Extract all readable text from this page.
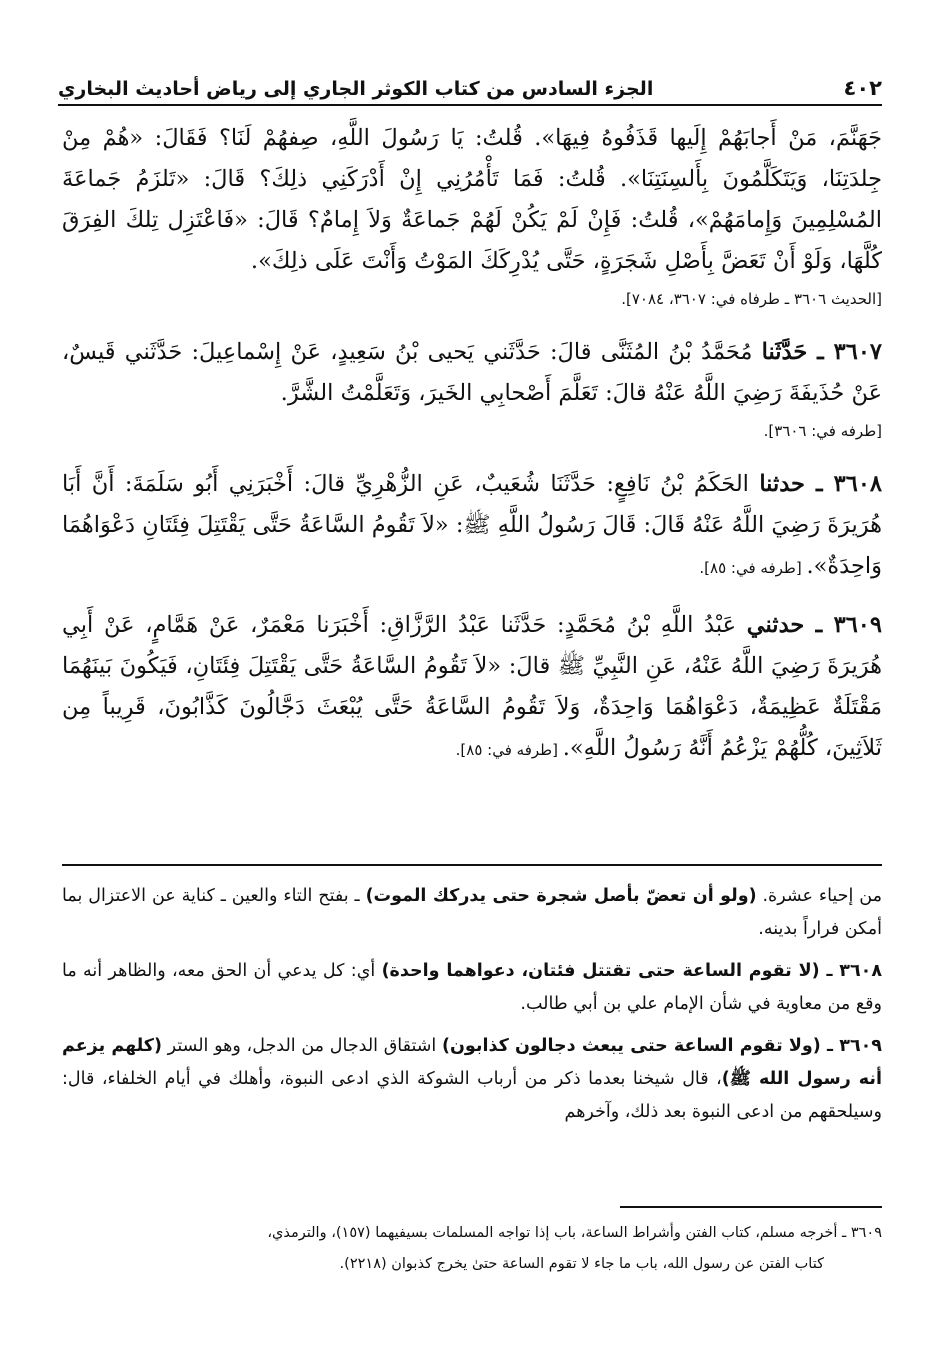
٤٠٢
الجزء السادس من كتاب الكوثر الجاري إلى رياض أحاديث البخاري

جَهَنَّمَ، مَنْ أَجابَهُمْ إِلَيها قَذَفُوهُ فِيهَا». قُلتُ: يَا رَسُولَ اللَّهِ، صِفهُمْ لَنَا؟ فَقَالَ: «هُمْ مِنْ جِلدَتِنَا، وَيَتَكَلَّمُونَ بِأَلسِنَتِنَا». قُلتُ: فَمَا تَأْمُرُنِي إِنْ أَدْرَكَنِي ذلِكَ؟ قَالَ: «تَلزَمُ جَماعَةَ المُسْلِمِينَ وَإِمامَهُمْ»، قُلتُ: فَإِنْ لَمْ يَكُنْ لَهُمْ جَماعَةٌ وَلاَ إِمامٌ؟ قَالَ: «فَاعْتَزِل تِلكَ الفِرَقَ كُلَّهَا، وَلَوْ أَنْ تَعَضَّ بِأَصْلِ شَجَرَةٍ، حَتَّى يُدْرِكَكَ المَوْتُ وَأَنْتَ عَلَى ذلِكَ».

[الحديث ٣٦٠٦ ـ طرفاه في: ٣٦٠٧، ٧٠٨٤].

٣٦٠٧ ـ حَدَّثَنا مُحَمَّدُ بْنُ المُثَنَّى قالَ: حَدَّثَني يَحيى بْنُ سَعِيدٍ، عَنْ إِسْماعِيلَ: حَدَّثَني قَيسٌ، عَنْ حُذَيفَةَ رَضِيَ اللَّهُ عَنْهُ قالَ: تَعَلَّمَ أَصْحابِي الخَيرَ، وَتَعَلَّمْتُ الشَّرَّ.

[طرفه في: ٣٦٠٦].

٣٦٠٨ ـ حدثنا الحَكَمُ بْنُ نَافِعٍ: حَدَّثَنَا شُعَيبٌ، عَنِ الزُّهْرِيِّ قالَ: أَخْبَرَنِي أَبُو سَلَمَةَ: أَنَّ أَبَا هُرَيرَةَ رَضِيَ اللَّهُ عَنْهُ قَالَ: قَالَ رَسُولُ اللَّهِ ﷺ: «لاَ تَقُومُ السَّاعَةُ حَتَّى يَقْتَتِلَ فِئَتَانِ دَعْوَاهُمَا وَاحِدَةٌ». [طرفه في: ٨٥].

٣٦٠٩ ـ حدثني عَبْدُ اللَّهِ بْنُ مُحَمَّدٍ: حَدَّثَنا عَبْدُ الرَّزَّاقِ: أَخْبَرَنا مَعْمَرٌ، عَنْ هَمَّامٍ، عَنْ أَبِي هُرَيرَةَ رَضِيَ اللَّهُ عَنْهُ، عَنِ النَّبِيِّ ﷺ قالَ: «لاَ تَقُومُ السَّاعَةُ حَتَّى يَقْتَتِلَ فِئَتَانِ، فَيَكُونَ بَينَهُمَا مَقْتَلَةٌ عَظِيمَةٌ، دَعْوَاهُمَا وَاحِدَةٌ، وَلاَ تَقُومُ السَّاعَةُ حَتَّى يُبْعَثَ دَجَّالُونَ كَذَّابُونَ، قَرِيباً مِن ثَلاَثِينَ، كُلُّهُمْ يَزْعُمُ أَنَّهُ رَسُولُ اللَّهِ». [طرفه في: ٨٥].

من إحياء عشرة. (ولو أن تعضّ بأصل شجرة حتى يدركك الموت) ـ بفتح التاء والعين ـ كناية عن الاعتزال بما أمكن فراراً بدينه.

٣٦٠٨ ـ (لا تقوم الساعة حتى تقتتل فئتان، دعواهما واحدة) أي: كل يدعي أن الحق معه، والظاهر أنه ما وقع من معاوية في شأن الإمام علي بن أبي طالب.

٣٦٠٩ ـ (ولا تقوم الساعة حتى يبعث دجالون كذابون) اشتقاق الدجال من الدجل، وهو الستر (كلهم يزعم أنه رسول الله ﷺ)، قال شيخنا بعدما ذكر من أرباب الشوكة الذي ادعى النبوة، وأهلك في أيام الخلفاء، قال: وسيلحقهم من ادعى النبوة بعد ذلك، وآخرهم

٣٦٠٩ ـ أخرجه مسلم، كتاب الفتن وأشراط الساعة، باب إذا تواجه المسلمات بسيفيهما (١٥٧)، والترمذي،

كتاب الفتن عن رسول الله، باب ما جاء لا تقوم الساعة حتىٰ يخرج كذبوان (٢٢١٨).
